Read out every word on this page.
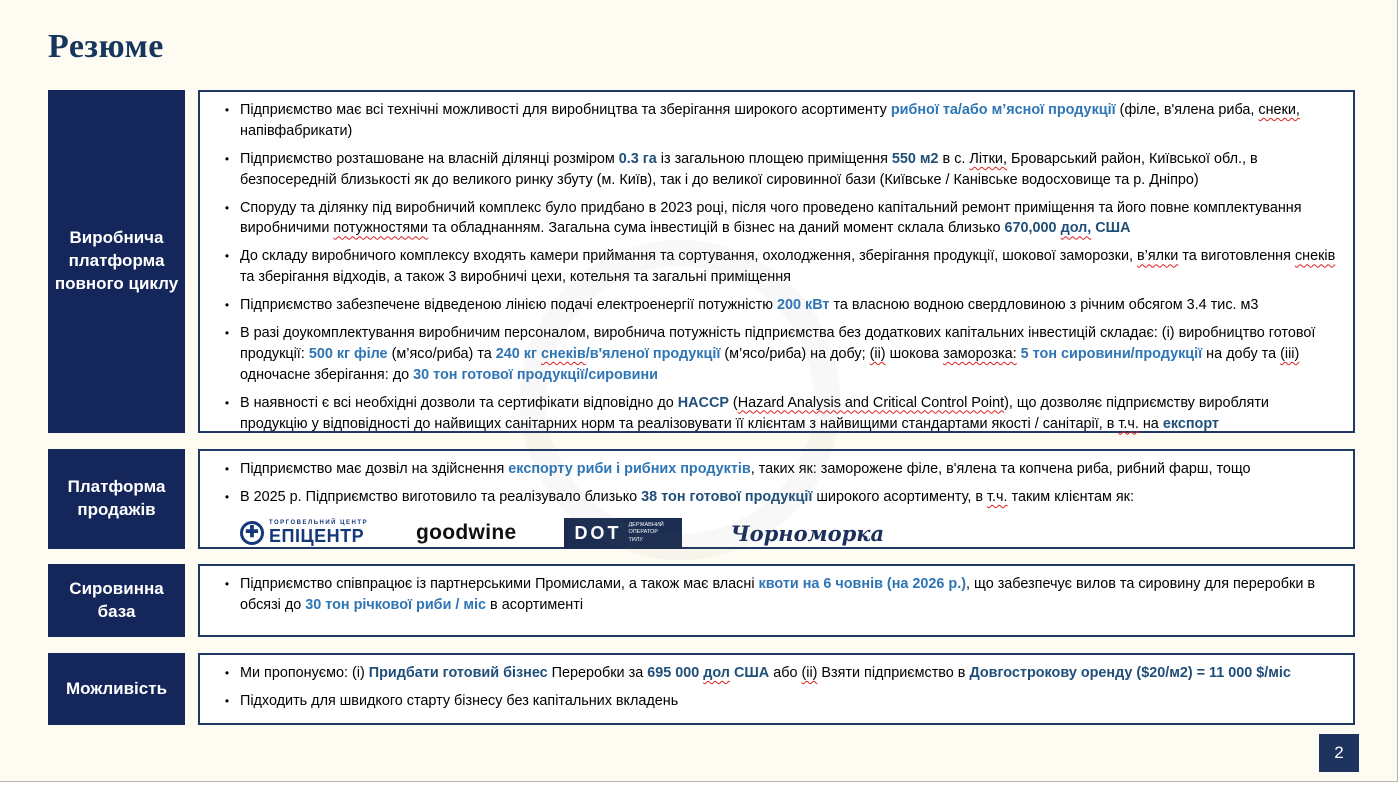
Резюме
Виробнича платформа повного циклу
• Підприємство має всі технічні можливості для виробництва та зберігання широкого асортименту рибної та/або м’ясної продукції (філе, в'ялена риба, снеки, напівфабрикати)
• Підприємство розташоване на власній ділянці розміром 0.3 га із загальною площею приміщення 550 м2 в с. Літки, Броварський район, Київської обл., в безпосередній близькості як до великого ринку збуту (м. Київ), так і до великої сировинної бази (Київське / Канівське водосховище та р. Дніпро)
• Споруду та ділянку під виробничий комплекс було придбано в 2023 році, після чого проведено капітальний ремонт приміщення та його повне комплектування виробничими потужностями та обладнанням. Загальна сума інвестицій в бізнес на даний момент склала близько 670,000 дол, США
• До складу виробничого комплексу входять камери приймання та сортування, охолодження, зберігання продукції, шокової заморозки, в’ялки та виготовлення снеків та зберігання відходів, а також 3 виробничі цехи, котельня та загальні приміщення
• Підприємство забезпечене відведеною лінією подачі електроенергії потужністю 200 кВт та власною водною свердловиною з річним обсягом 3.4 тис. м3
• В разі доукомплектування виробничим персоналом, виробнича потужність підприємства без додаткових капітальних інвестицій складає: (і) виробництво готової продукції: 500 кг філе (м’ясо/риба) та 240 кг снеків/в'яленої продукції (м’ясо/риба) на добу; (іі) шокова заморозка: 5 тон сировини/продукції на добу та (ііі) одночасне зберігання: до 30 тон готової продукції/сировини
• В наявності є всі необхідні дозволи та сертифікати відповідно до HACCP (Hazard Analysis and Critical Control Point), що дозволяє підприємству виробляти продукцію у відповідності до найвищих санітарних норм та реалізовувати її клієнтам з найвищими стандартами якості / санітарії, в т.ч. на експорт
Платформа продажів
• Підприємство має дозвіл на здійснення експорту риби і рибних продуктів, таких як: заморожене філе, в'ялена та копчена риба, рибний фарш, тощо
• В 2025 р. Підприємство виготовило та реалізувало близько 38 тон готової продукції широкого асортименту, в т.ч. таким клієнтам як:
✚
ТОРГОВЕЛЬНИЙ ЦЕНТР
ЕПІЦЕНТР goodwine	DOT ДЕРЖАВНИЙ ОПЕРАТОР ТИЛУ	Чорноморка
Сировинна база
• Підприємство співпрацює із партнерськими Промислами, а також має власні квоти на 6 човнів (на 2026 р.), що забезпечує вилов та сировину для переробки в обсязі до 30 тон річкової риби / міс в асортименті
Можливість
• Ми пропонуємо: (і) Придбати готовий бізнес Переробки за 695 000 дол США або (іі) Взяти підприємство в Довгострокову оренду ($20/м2) = 11 000 $/міс
• Підходить для швидкого старту бізнесу без капітальних вкладень
2
